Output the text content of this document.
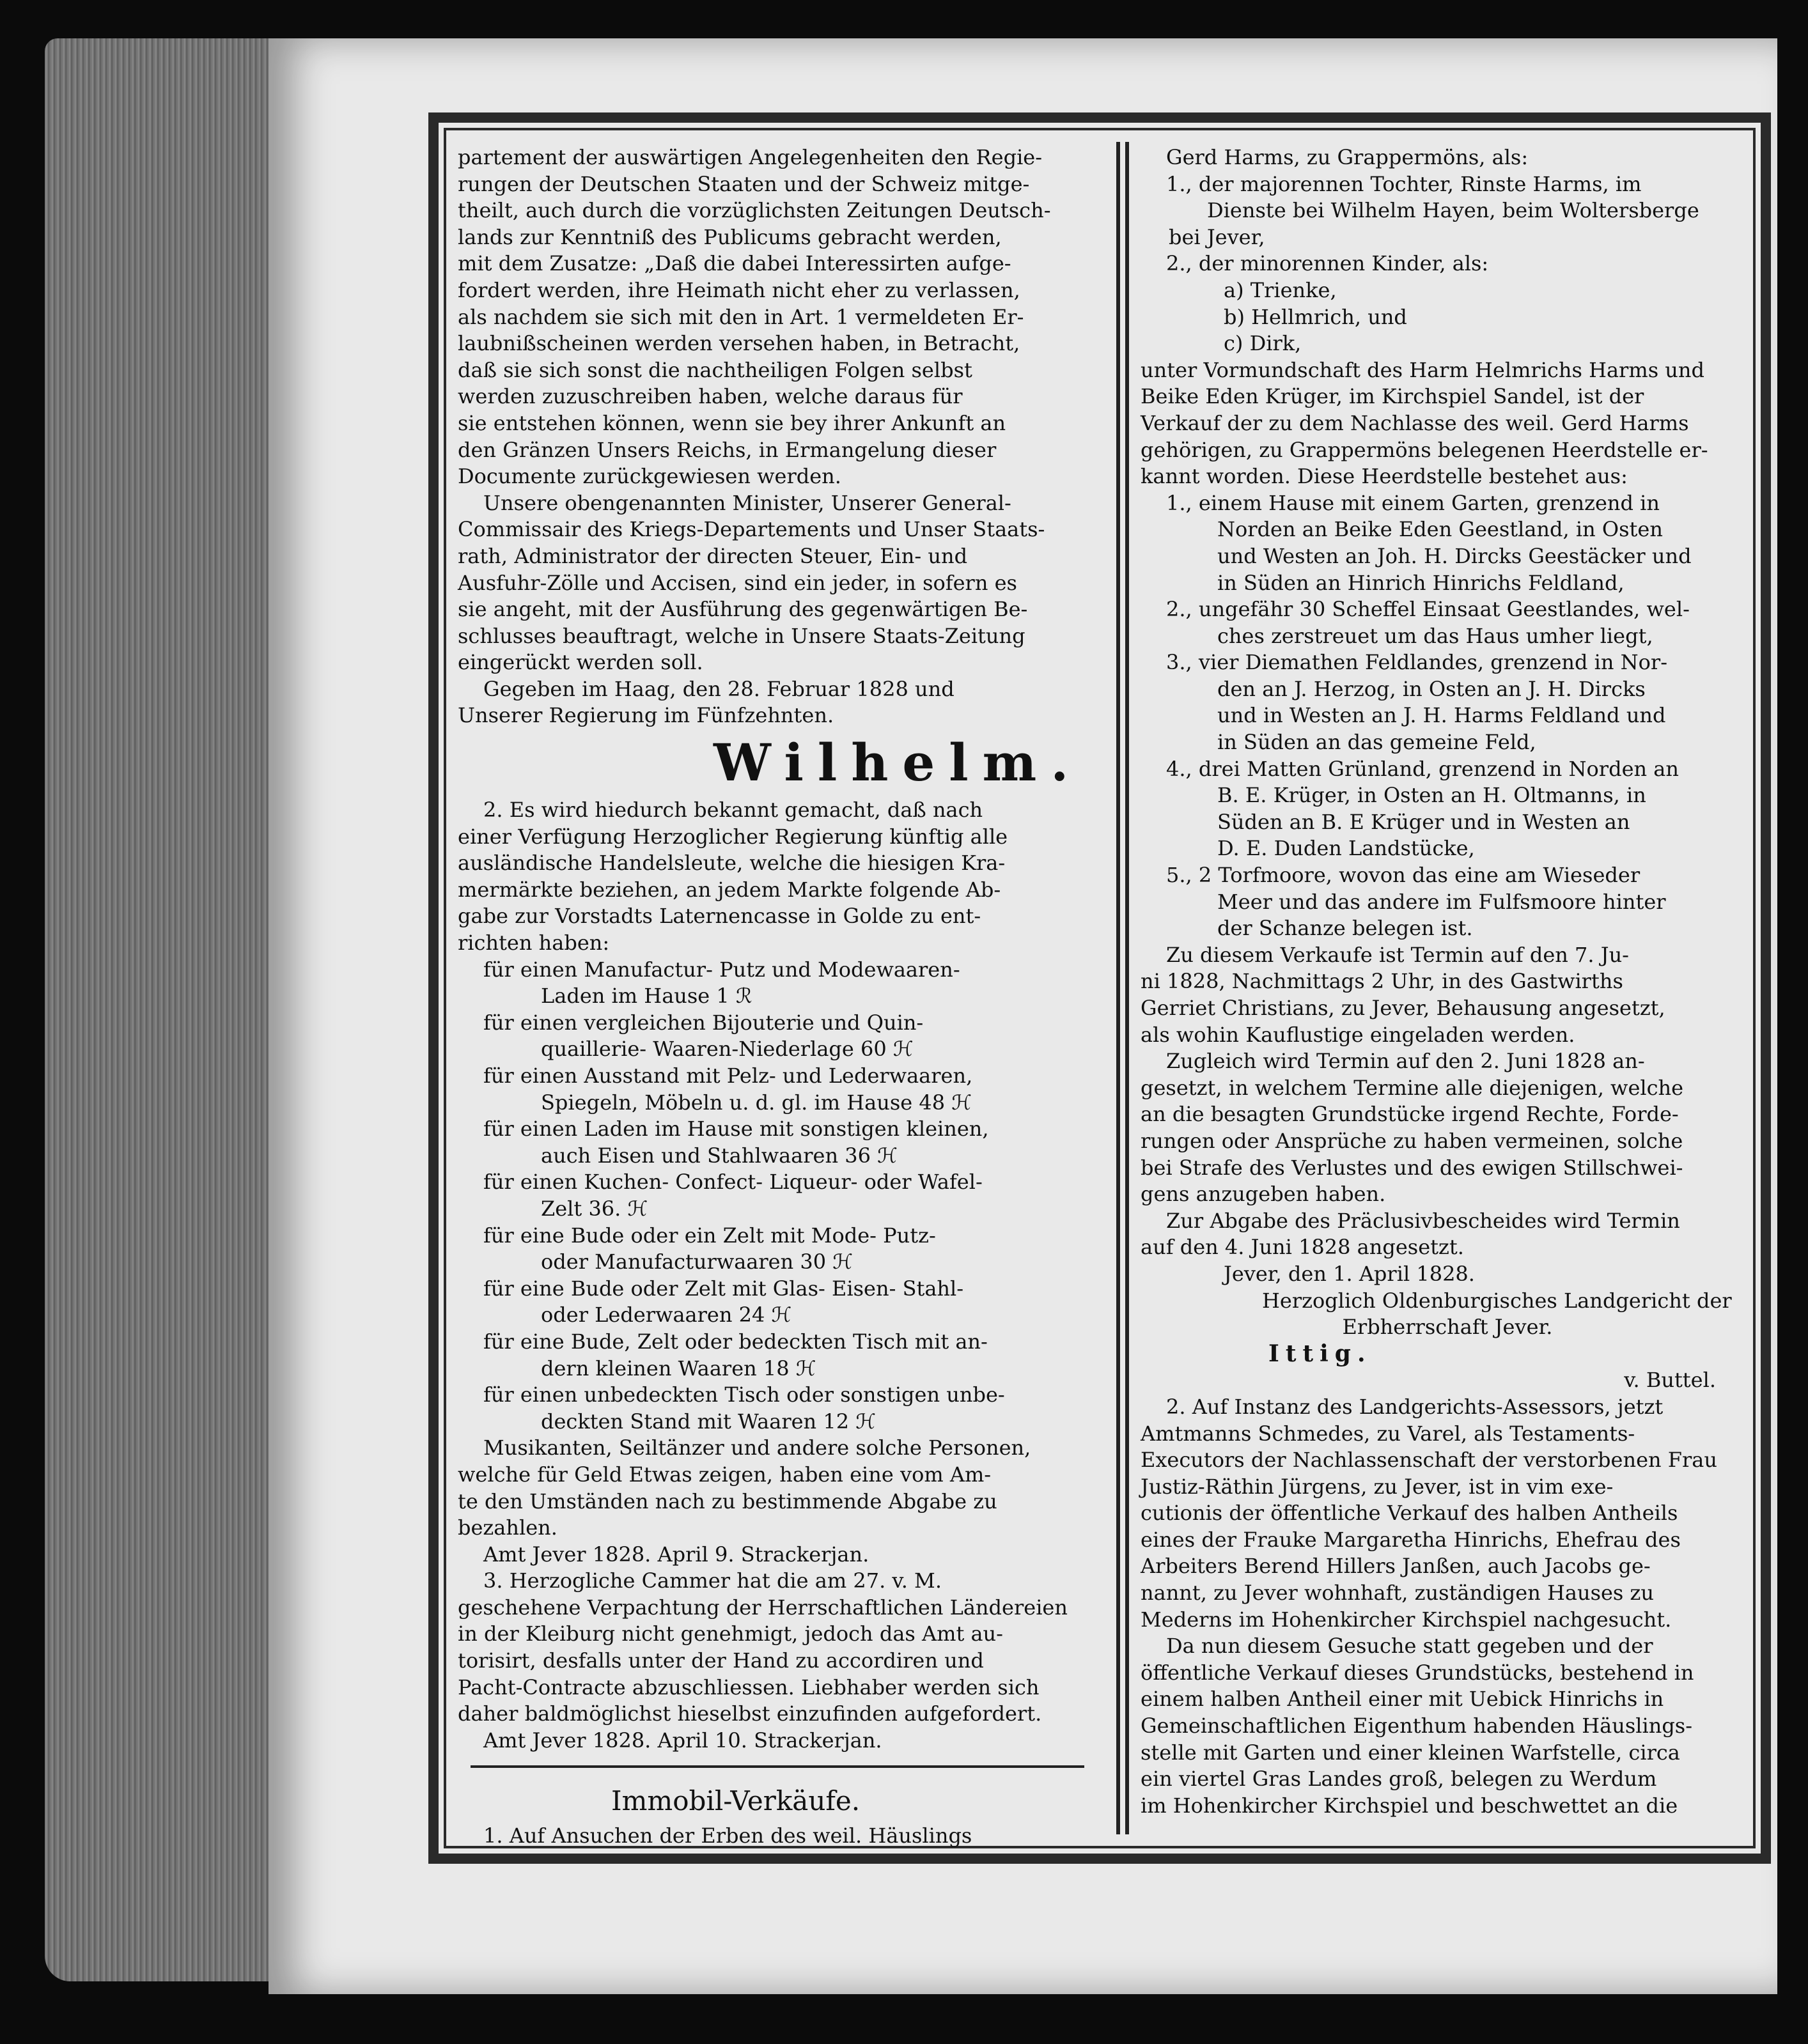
partement der auswärtigen Angelegenheiten den Regie-

rungen der Deutschen Staaten und der Schweiz mitge-

theilt, auch durch die vorzüglichsten Zeitungen Deutsch-

lands zur Kenntniß des Publicums gebracht werden,

mit dem Zusatze: „Daß die dabei Interessirten aufge-

fordert werden, ihre Heimath nicht eher zu verlassen,

als nachdem sie sich mit den in Art. 1 vermeldeten Er-

laubnißscheinen werden versehen haben, in Betracht,

daß sie sich sonst die nachtheiligen Folgen selbst

werden zuzuschreiben haben, welche daraus für

sie entstehen können, wenn sie bey ihrer Ankunft an

den Gränzen Unsers Reichs, in Ermangelung dieser

Documente zurückgewiesen werden.

Unsere obengenannten Minister, Unserer General-

Commissair des Kriegs-Departements und Unser Staats-

rath, Administrator der directen Steuer, Ein- und

Ausfuhr-Zölle und Accisen, sind ein jeder, in sofern es

sie angeht, mit der Ausführung des gegenwärtigen Be-

schlusses beauftragt, welche in Unsere Staats-Zeitung

eingerückt werden soll.

Gegeben im Haag, den 28. Februar 1828 und

Unserer Regierung im Fünfzehnten.

Wilhelm.

2. Es wird hiedurch bekannt gemacht, daß nach

einer Verfügung Herzoglicher Regierung künftig alle

ausländische Handelsleute, welche die hiesigen Kra-

mermärkte beziehen, an jedem Markte folgende Ab-

gabe zur Vorstadts Laternencasse in Golde zu ent-

richten haben:

für einen Manufactur- Putz und Modewaaren-

Laden im Hause 1 ℛ

für einen vergleichen Bijouterie und Quin-

quaillerie- Waaren-Niederlage 60 ℋ

für einen Ausstand mit Pelz- und Lederwaaren,

Spiegeln, Möbeln u. d. gl. im Hause 48 ℋ

für einen Laden im Hause mit sonstigen kleinen,

auch Eisen und Stahlwaaren 36 ℋ

für einen Kuchen- Confect- Liqueur- oder Wafel-

Zelt 36. ℋ

für eine Bude oder ein Zelt mit Mode- Putz-

oder Manufacturwaaren 30 ℋ

für eine Bude oder Zelt mit Glas- Eisen- Stahl-

oder Lederwaaren 24 ℋ

für eine Bude, Zelt oder bedeckten Tisch mit an-

dern kleinen Waaren 18 ℋ

für einen unbedeckten Tisch oder sonstigen unbe-

deckten Stand mit Waaren 12 ℋ

Musikanten, Seiltänzer und andere solche Personen,

welche für Geld Etwas zeigen, haben eine vom Am-

te den Umständen nach zu bestimmende Abgabe zu

bezahlen.

Amt Jever 1828. April 9. Strackerjan.

3. Herzogliche Cammer hat die am 27. v. M.

geschehene Verpachtung der Herrschaftlichen Ländereien

in der Kleiburg nicht genehmigt, jedoch das Amt au-

torisirt, desfalls unter der Hand zu accordiren und

Pacht-Contracte abzuschliessen. Liebhaber werden sich

daher baldmöglichst hieselbst einzufinden aufgefordert.

Amt Jever 1828. April 10. Strackerjan.

Immobil-Verkäufe.

1. Auf Ansuchen der Erben des weil. Häuslings

Gerd Harms, zu Grappermöns, als:

1., der majorennen Tochter, Rinste Harms, im

Dienste bei Wilhelm Hayen, beim Woltersberge

bei Jever,

2., der minorennen Kinder, als:

a) Trienke,

b) Hellmrich, und

c) Dirk,

unter Vormundschaft des Harm Helmrichs Harms und

Beike Eden Krüger, im Kirchspiel Sandel, ist der

Verkauf der zu dem Nachlasse des weil. Gerd Harms

gehörigen, zu Grappermöns belegenen Heerdstelle er-

kannt worden. Diese Heerdstelle bestehet aus:

1., einem Hause mit einem Garten, grenzend in

Norden an Beike Eden Geestland, in Osten

und Westen an Joh. H. Dircks Geestäcker und

in Süden an Hinrich Hinrichs Feldland,

2., ungefähr 30 Scheffel Einsaat Geestlandes, wel-

ches zerstreuet um das Haus umher liegt,

3., vier Diemathen Feldlandes, grenzend in Nor-

den an J. Herzog, in Osten an J. H. Dircks

und in Westen an J. H. Harms Feldland und

in Süden an das gemeine Feld,

4., drei Matten Grünland, grenzend in Norden an

B. E. Krüger, in Osten an H. Oltmanns, in

Süden an B. E Krüger und in Westen an

D. E. Duden Landstücke,

5., 2 Torfmoore, wovon das eine am Wieseder

Meer und das andere im Fulfsmoore hinter

der Schanze belegen ist.

Zu diesem Verkaufe ist Termin auf den 7. Ju-

ni 1828, Nachmittags 2 Uhr, in des Gastwirths

Gerriet Christians, zu Jever, Behausung angesetzt,

als wohin Kauflustige eingeladen werden.

Zugleich wird Termin auf den 2. Juni 1828 an-

gesetzt, in welchem Termine alle diejenigen, welche

an die besagten Grundstücke irgend Rechte, Forde-

rungen oder Ansprüche zu haben vermeinen, solche

bei Strafe des Verlustes und des ewigen Stillschwei-

gens anzugeben haben.

Zur Abgabe des Präclusivbescheides wird Termin

auf den 4. Juni 1828 angesetzt.

Jever, den 1. April 1828.

Herzoglich Oldenburgisches Landgericht der

Erbherrschaft Jever.

Ittig.

v. Buttel.

2. Auf Instanz des Landgerichts-Assessors, jetzt

Amtmanns Schmedes, zu Varel, als Testaments-

Executors der Nachlassenschaft der verstorbenen Frau

Justiz-Räthin Jürgens, zu Jever, ist in vim exe-

cutionis der öffentliche Verkauf des halben Antheils

eines der Frauke Margaretha Hinrichs, Ehefrau des

Arbeiters Berend Hillers Janßen, auch Jacobs ge-

nannt, zu Jever wohnhaft, zuständigen Hauses zu

Mederns im Hohenkircher Kirchspiel nachgesucht.

Da nun diesem Gesuche statt gegeben und der

öffentliche Verkauf dieses Grundstücks, bestehend in

einem halben Antheil einer mit Uebick Hinrichs in

Gemeinschaftlichen Eigenthum habenden Häuslings-

stelle mit Garten und einer kleinen Warfstelle, circa

ein viertel Gras Landes groß, belegen zu Werdum

im Hohenkircher Kirchspiel und beschwettet an die
